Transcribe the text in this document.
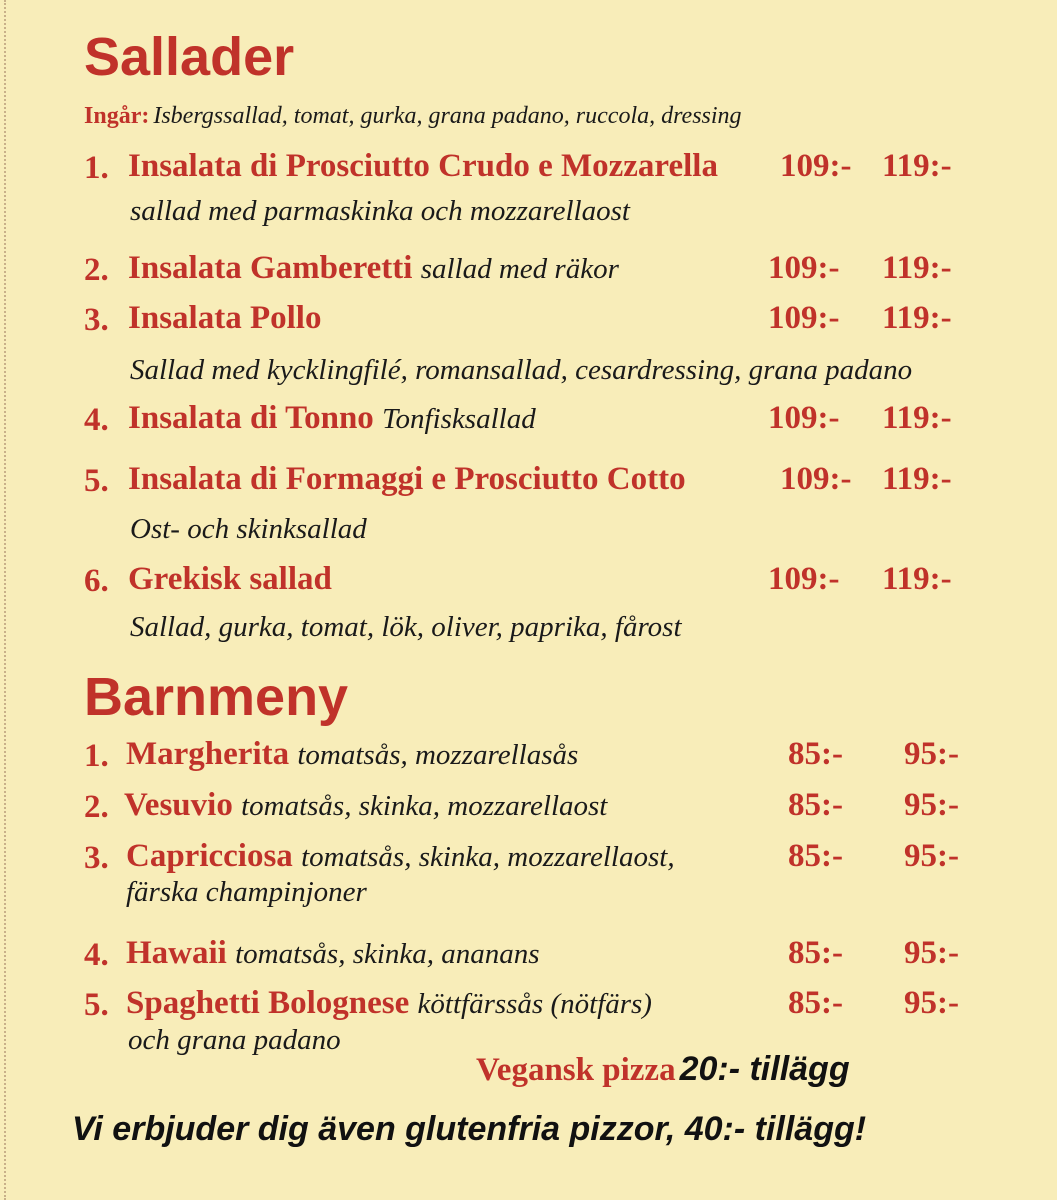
Sallader
Ingår: Isbergssallad, tomat, gurka, grana padano, ruccola, dressing
1. Insalata di Prosciutto Crudo e Mozzarella 109:- 119:-
sallad med parmaskinka och mozzarellaost
2. Insalata Gamberetti sallad med räkor	109:- 119:-
3. Insalata Pollo	109:- 119:-
Sallad med kycklingfilé, romansallad, cesardressing, grana padano
4. Insalata di Tonno Tonfisksallad	109:- 119:-
5. Insalata di Formaggi e Prosciutto Cotto	109:- 119:-
Ost- och skinksallad
6. Grekisk sallad	109:- 119:-
Sallad, gurka, tomat, lök, oliver, paprika, fårost
Barnmeny
1. Margherita tomatsås, mozzarellasås	85:- 95:-
2. Vesuvio tomatsås, skinka, mozzarellaost	85:- 95:-
3. Capricciosa tomatsås, skinka, mozzarellaost,	85:- 95:-
färska champinjoner
4. Hawaii tomatsås, skinka, ananans	85:- 95:-
5. Spaghetti Bolognese köttfärssås (nötfärs)	85:- 95:-
och grana padano
Vegansk pizza 20:- tillägg
Vi erbjuder dig även glutenfria pizzor, 40:- tillägg!
